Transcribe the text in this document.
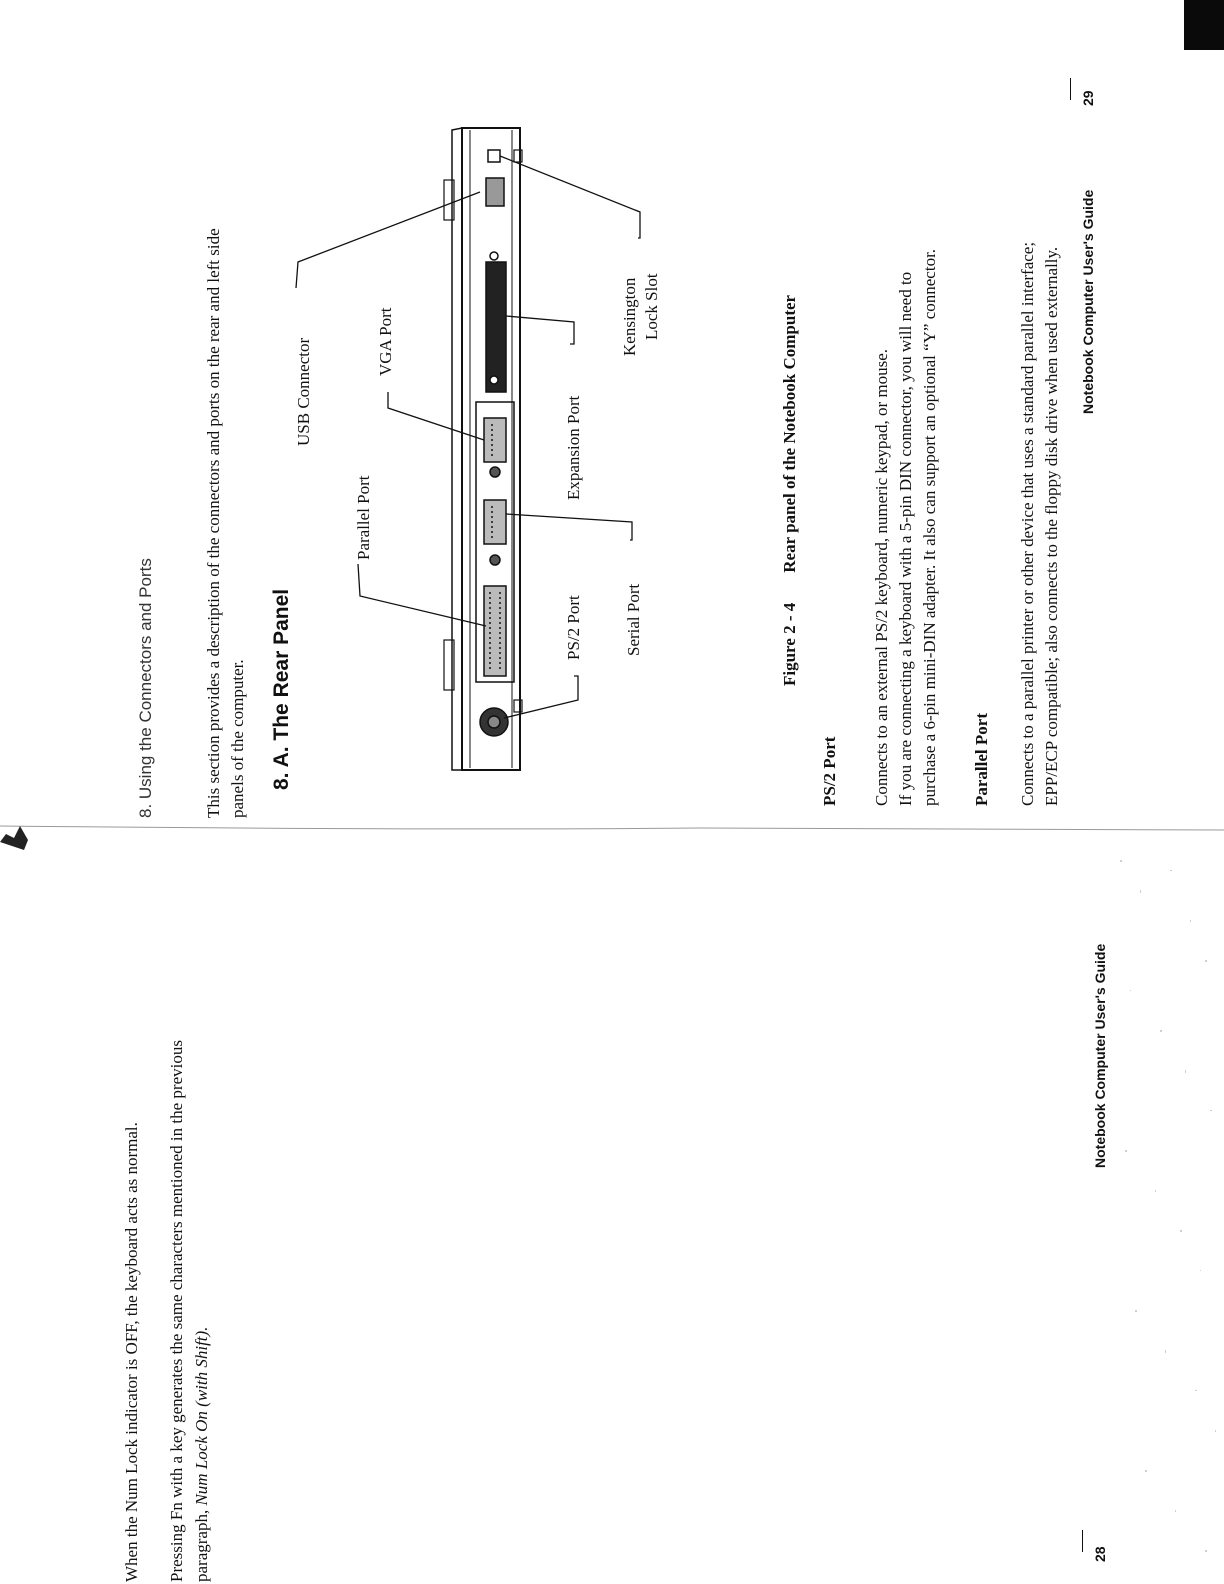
When the Num Lock indicator is OFF, the keyboard acts as normal. Pressing Fn with a key generates the same characters mentioned in the previous paragraph, Num Lock On (with Shift).
Notebook Computer User's Guide
28
8. Using the Connectors and Ports	This section provides a description of the connectors and ports on the rear and left side panels of the computer. 8. A. The Rear Panel
USB Connector	VGA Port
Parallel Port
Expansion Port
PS/2 Port Serial Port
Kensington Lock Slot
Figure 2 - 4Rear panel of the Notebook Computer
PS/2 Port Connects to an external PS/2 keyboard, numeric keypad, or mouse. If you are connecting a keyboard with a 5-pin DIN connector, you will need to purchase a 6-pin mini-DIN adapter. It also can support an optional “Y” connector. Parallel Port Connects to a parallel printer or other device that uses a standard parallel interface; EPP/ECP compatible; also connects to the floppy disk drive when used externally. Notebook Computer User's Guide
29
